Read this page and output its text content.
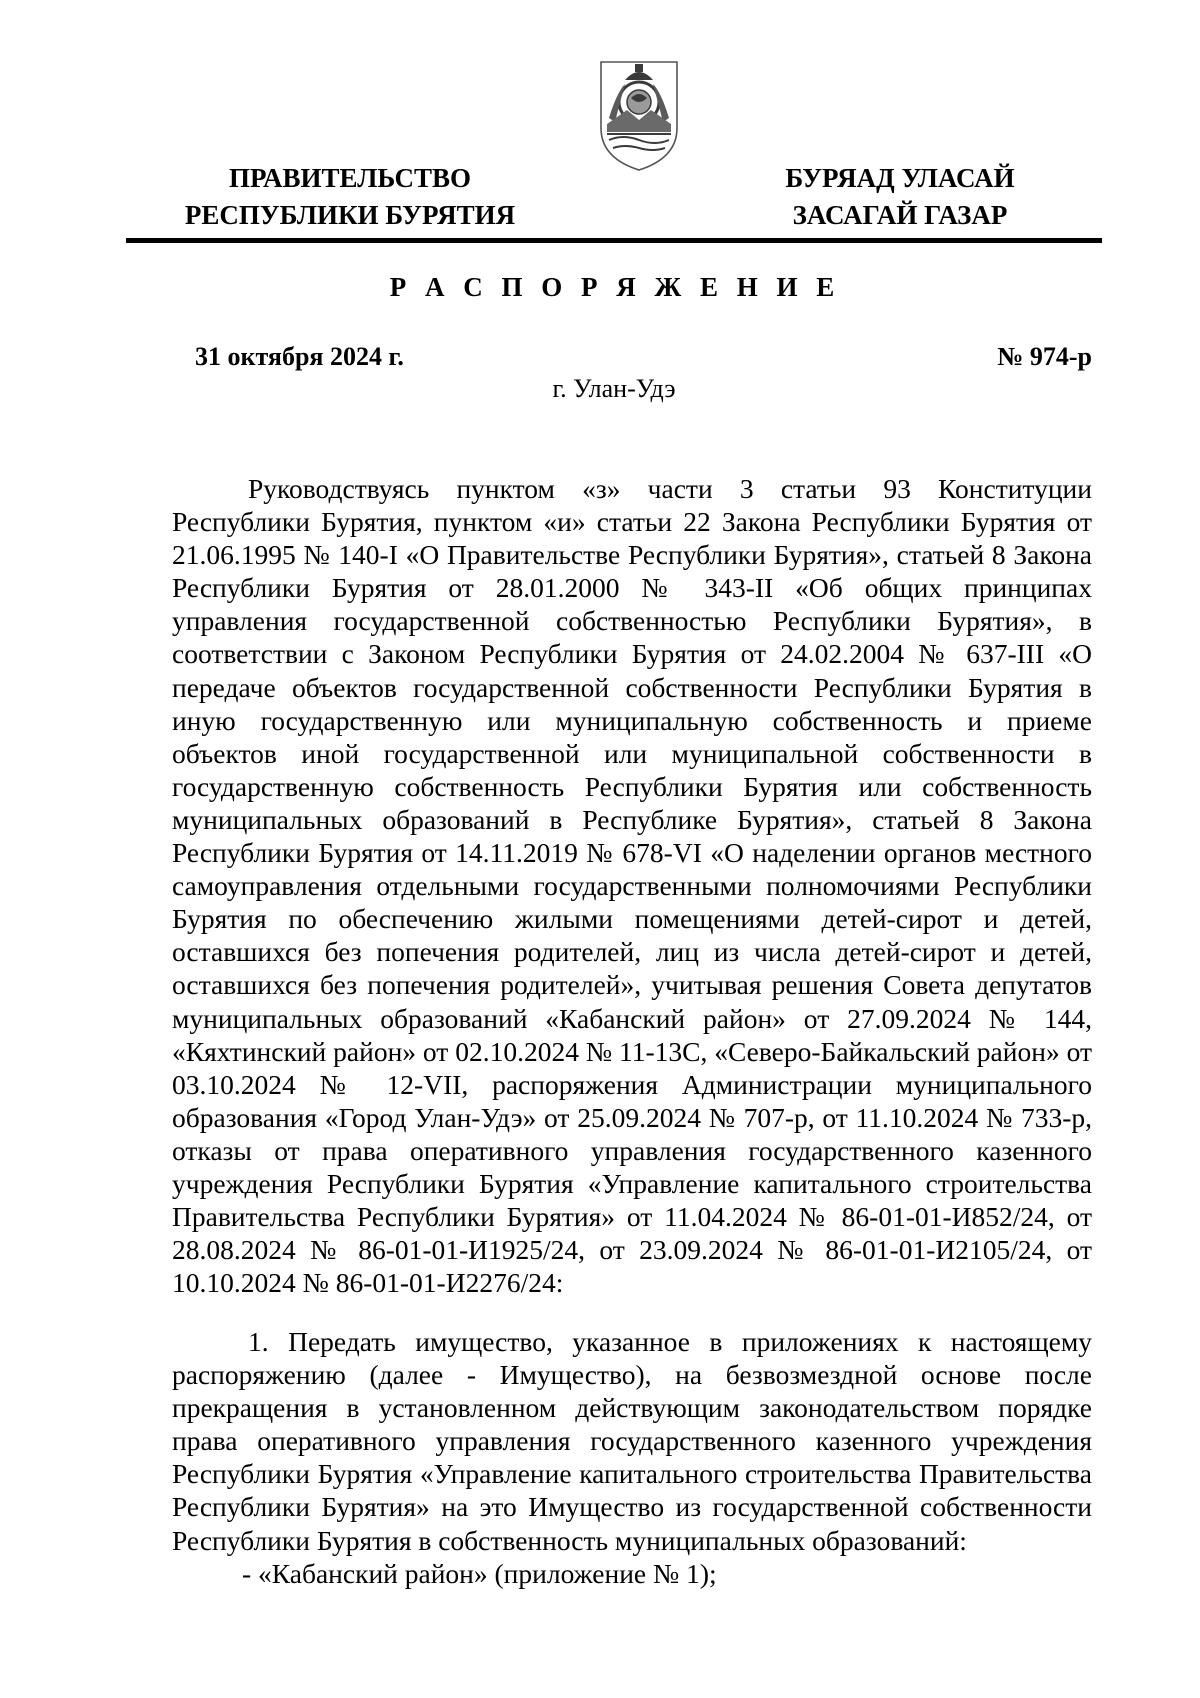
ПРАВИТЕЛЬСТВО
РЕСПУБЛИКИ БУРЯТИЯ
БУРЯАД УЛАСАЙ
ЗАСАГАЙ ГАЗАР
Р А С П О Р Я Ж Е Н И Е
31 октября 2024 г.	№ 974-р
г. Улан-Удэ

Руководствуясь пунктом «з» части 3 статьи 93 Конституции Республики Бурятия, пунктом «и» статьи 22 Закона Республики Бурятия от 21.06.1995 № 140-I «О Правительстве Республики Бурятия», статьей 8 Закона Республики Бурятия от 28.01.2000 № 343-II «Об общих принципах управления государственной собственностью Республики Бурятия», в соответствии с Законом Республики Бурятия от 24.02.2004 № 637-III «О передаче объектов государственной собственности Республики Бурятия в иную государственную или муниципальную собственность и приеме объектов иной государственной или муниципальной собственности в государственную собственность Республики Бурятия или собственность муниципальных образований в Республике Бурятия», статьей 8 Закона Республики Бурятия от 14.11.2019 № 678-VI «О наделении органов местного самоуправления отдельными государственными полномочиями Республики Бурятия по обеспечению жилыми помещениями детей-сирот и детей, оставшихся без попечения родителей, лиц из числа детей-сирот и детей, оставшихся без попечения родителей», учитывая решения Совета депутатов муниципальных образований «Кабанский район» от 27.09.2024 № 144, «Кяхтинский район» от 02.10.2024 № 11-13С, «Северо-Байкальский район» от 03.10.2024 № 12-VII, распоряжения Администрации муниципального образования «Город Улан-Удэ» от 25.09.2024 № 707-р, от 11.10.2024 № 733-р, отказы от права оперативного управления государственного казенного учреждения Республики Бурятия «Управление капитального строительства Правительства Республики Бурятия» от 11.04.2024 № 86-01-01-И852/24, от 28.08.2024 № 86-01-01-И1925/24, от 23.09.2024 № 86-01-01-И2105/24, от 10.10.2024 № 86-01-01-И2276/24:

1. Передать имущество, указанное в приложениях к настоящему распоряжению (далее - Имущество), на безвозмездной основе после прекращения в установленном действующим законодательством порядке права оперативного управления государственного казенного учреждения Республики Бурятия «Управление капитального строительства Правительства Республики Бурятия» на это Имущество из государственной собственности Республики Бурятия в собственность муниципальных образований:

- «Кабанский район» (приложение № 1);
